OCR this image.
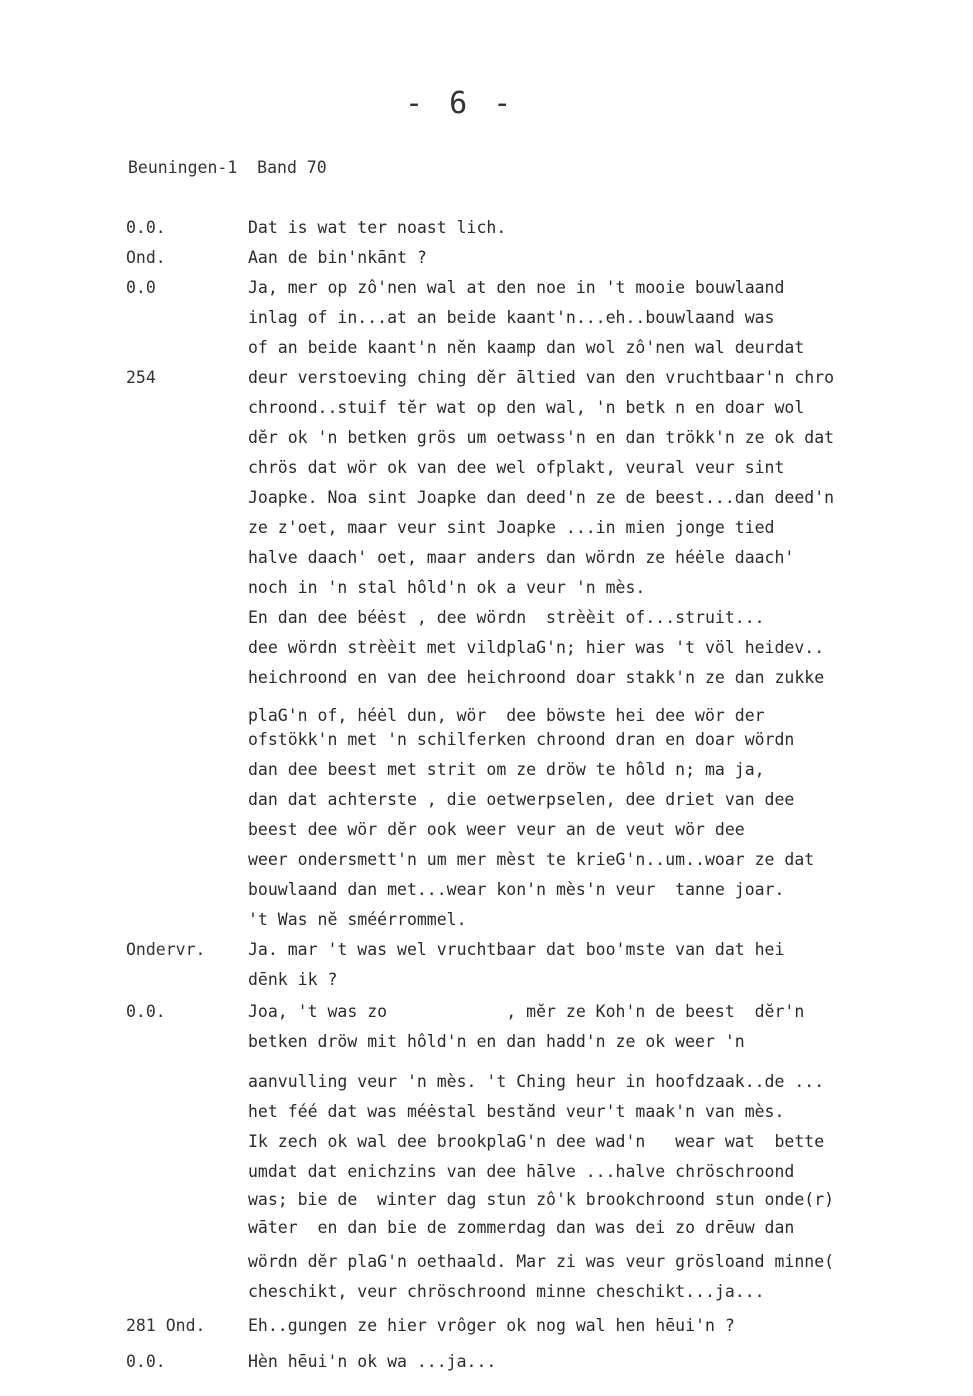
- 6 -
Beuningen-1  Band 70
0.0.	Dat is wat ter noast lich.
Ond.	Aan de bin'nkānt ?
0.0	Ja, mer op zô'nen wal at den noe in 't mooie bouwlaand
inlag of in...at an beide kaant'n...eh..bouwlaand was
of an beide kaant'n nĕn kaamp dan wol zô'nen wal deurdat
254	deur verstoeving ching dĕr āltied van den vruchtbaar'n chro
chroond..stuif tĕr wat op den wal, 'n betk n en doar wol
dĕr ok 'n betken grös um oetwass'n en dan trökk'n ze ok dat
chrös dat wör ok van dee wel ofplakt, veural veur sint
Joapke. Noa sint Joapke dan deed'n ze de beest...dan deed'n
ze z'oet, maar veur sint Joapke ...in mien jonge tied
halve daach' oet, maar anders dan wördn ze héėle daach'
noch in 'n stal hôld'n ok a veur 'n mès.
En dan dee béėst , dee wördn  strèèit of...struit...
dee wördn strèèit met vildplaG'n; hier was 't völ heidev..
heichroond en van dee heichroond doar stakk'n ze dan zukke
plaG'n of, héėl dun, wör  dee böwste hei dee wör der
ofstökk'n met 'n schilferken chroond dran en doar wördn
dan dee beest met strit om ze dröw te hôld n; ma ja,
dan dat achterste , die oetwerpselen, dee driet van dee
beest dee wör dĕr ook weer veur an de veut wör dee
weer ondersmett'n um mer mèst te krieG'n..um..woar ze dat
bouwlaand dan met...wear kon'n mès'n veur  tanne joar.
't Was nĕ sméérrommel.
Ondervr.	Ja. mar 't was wel vruchtbaar dat boo'mste van dat hei
dēnk ik ?
0.0.	Joa, 't was zo            , mĕr ze Koh'n de beest  dĕr'n
betken dröw mit hôld'n en dan hadd'n ze ok weer 'n
aanvulling veur 'n mès. 't Ching heur in hoofdzaak..de ...
het féé dat was méėstal bestănd veur't maak'n van mès.
Ik zech ok wal dee brookplaG'n dee wad'n   wear wat  bette
umdat dat enichzins van dee hālve ...halve chröschroond
was; bie de  winter dag stun zô'k brookchroond stun onde(r)
wāter  en dan bie de zommerdag dan was dei zo drēuw dan
wördn dĕr plaG'n oethaald. Mar zi was veur grösloand minne(
cheschikt, veur chröschroond minne cheschikt...ja...
281 Ond.	Eh..gungen ze hier vrôger ok nog wal hen hēui'n ?
0.0.	Hèn hēui'n ok wa ...ja...
